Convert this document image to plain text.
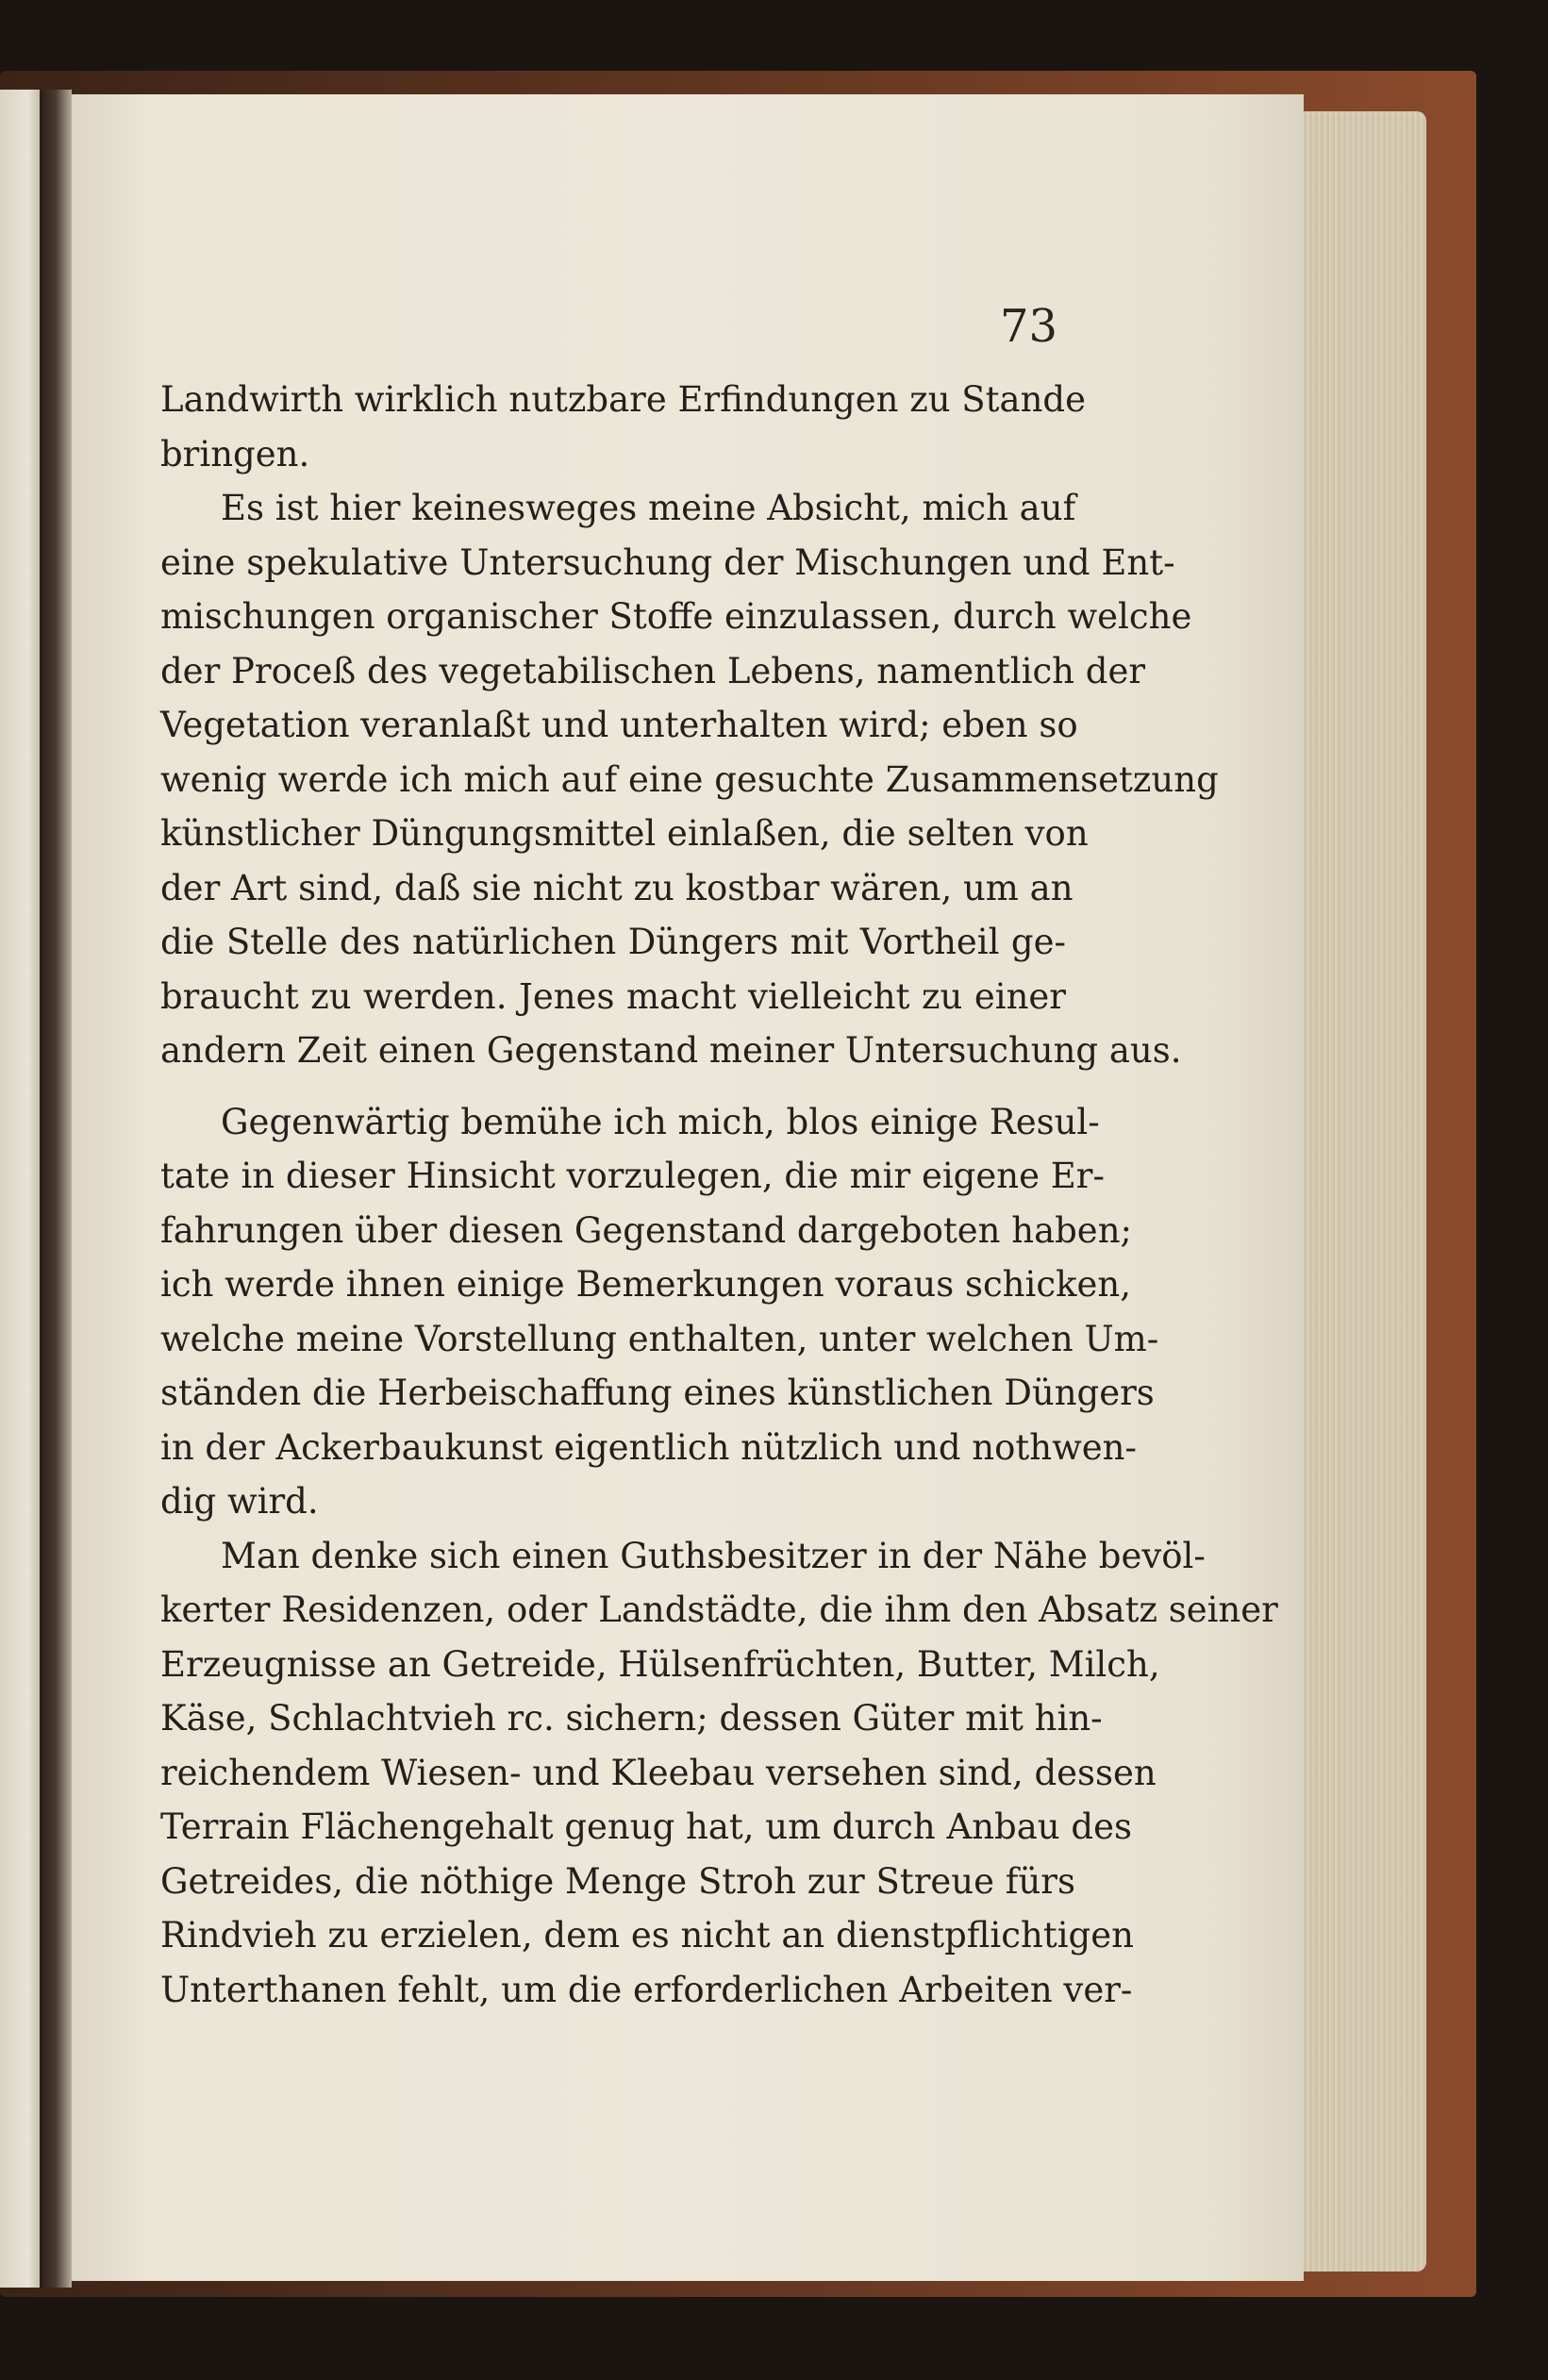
73
Landwirth wirklich nutzbare Erfindungen zu Stande
bringen.
Es ist hier keinesweges meine Absicht, mich auf
eine spekulative Untersuchung der Mischungen und Ent-
mischungen organischer Stoffe einzulassen, durch welche
der Proceß des vegetabilischen Lebens, namentlich der
Vegetation veranlaßt und unterhalten wird; eben so
wenig werde ich mich auf eine gesuchte Zusammensetzung
künstlicher Düngungsmittel einlaßen, die selten von
der Art sind, daß sie nicht zu kostbar wären, um an
die Stelle des natürlichen Düngers mit Vortheil ge-
braucht zu werden. Jenes macht vielleicht zu einer
andern Zeit einen Gegenstand meiner Untersuchung aus.
Gegenwärtig bemühe ich mich, blos einige Resul-
tate in dieser Hinsicht vorzulegen, die mir eigene Er-
fahrungen über diesen Gegenstand dargeboten haben;
ich werde ihnen einige Bemerkungen voraus schicken,
welche meine Vorstellung enthalten, unter welchen Um-
ständen die Herbeischaffung eines künstlichen Düngers
in der Ackerbaukunst eigentlich nützlich und nothwen-
dig wird.
Man denke sich einen Guthsbesitzer in der Nähe bevöl-
kerter Residenzen, oder Landstädte, die ihm den Absatz seiner
Erzeugnisse an Getreide, Hülsenfrüchten, Butter, Milch,
Käse, Schlachtvieh rc. sichern; dessen Güter mit hin-
reichendem Wiesen- und Kleebau versehen sind, dessen
Terrain Flächengehalt genug hat, um durch Anbau des
Getreides, die nöthige Menge Stroh zur Streue fürs
Rindvieh zu erzielen, dem es nicht an dienstpflichtigen
Unterthanen fehlt, um die erforderlichen Arbeiten ver-
